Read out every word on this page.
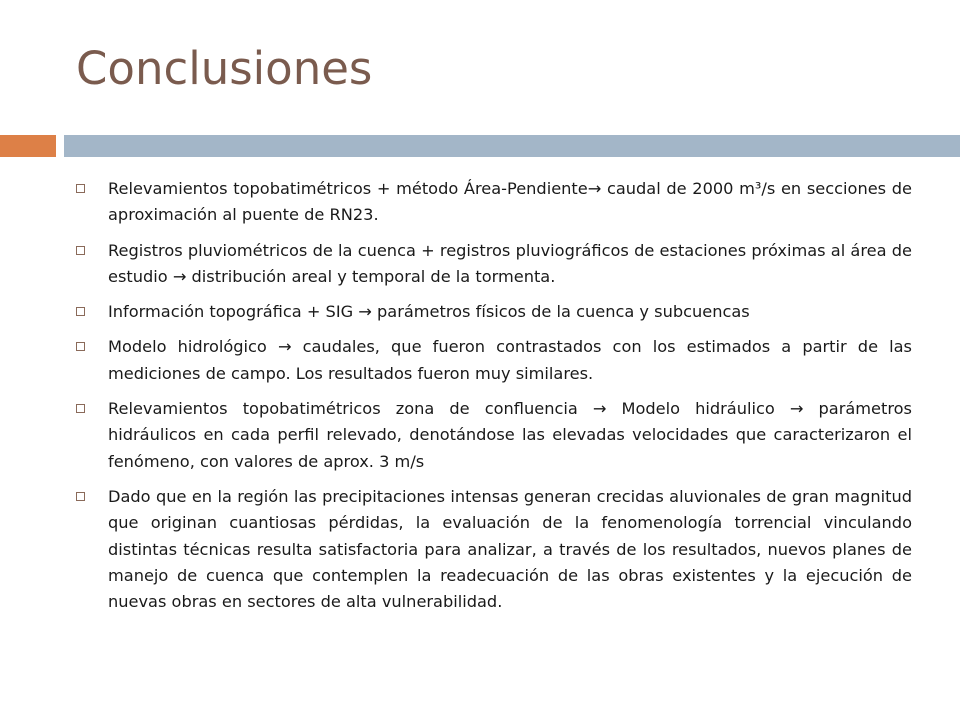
Conclusiones
Relevamientos topobatimétricos + método Área-Pendiente→ caudal de 2000 m³/s en secciones de aproximación al puente de RN23.
Registros pluviométricos de la cuenca + registros pluviográficos de estaciones próximas al área de estudio → distribución areal y temporal de la tormenta.
Información topográfica + SIG → parámetros físicos de la cuenca y subcuencas
Modelo hidrológico → caudales, que fueron contrastados con los estimados a partir de las mediciones de campo. Los resultados fueron muy similares.
Relevamientos topobatimétricos zona de confluencia → Modelo hidráulico → parámetros hidráulicos en cada perfil relevado, denotándose las elevadas velocidades que caracterizaron el fenómeno, con valores de aprox. 3 m/s
Dado que en la región las precipitaciones intensas generan crecidas aluvionales de gran magnitud que originan cuantiosas pérdidas, la evaluación de la fenomenología torrencial vinculando distintas técnicas resulta satisfactoria para analizar, a través de los resultados, nuevos planes de manejo de cuenca que contemplen la readecuación de las obras existentes y la ejecución de nuevas obras en sectores de alta vulnerabilidad.
